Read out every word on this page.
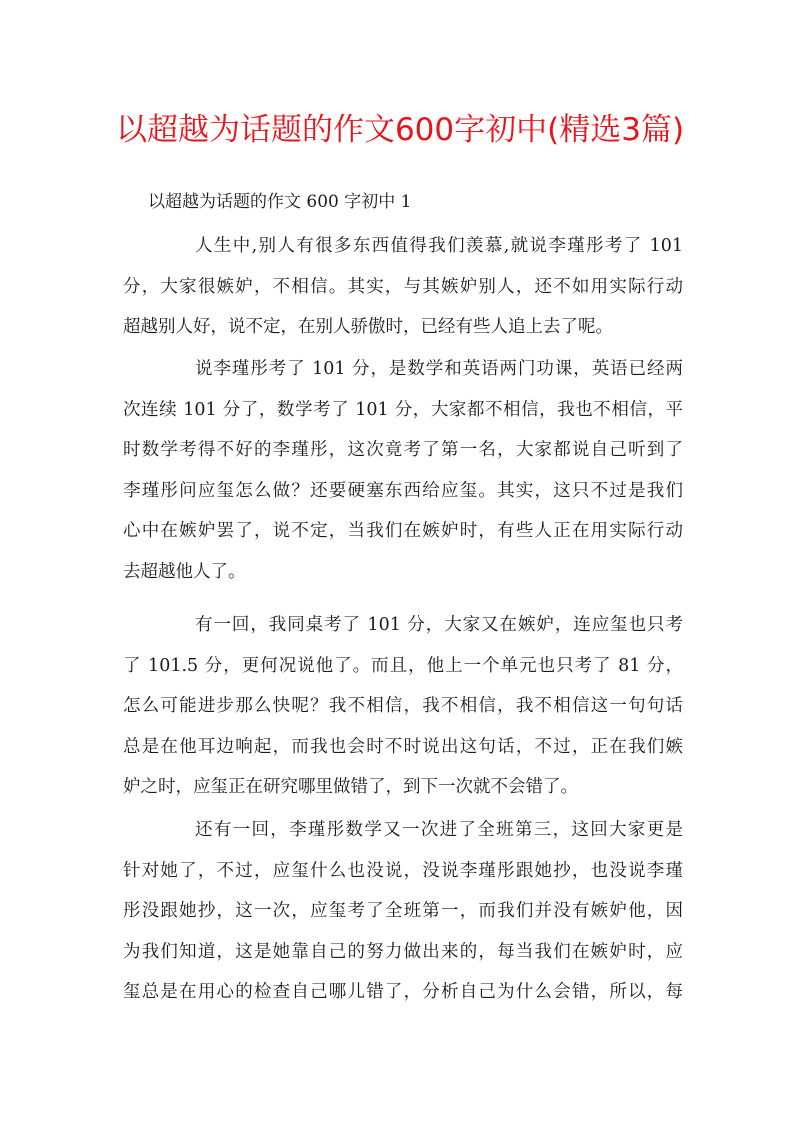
以超越为话题的作文600字初中(精选3篇)
以超越为话题的作文 600 字初中 1
人生中,别人有很多东西值得我们羡慕,就说李瑾彤考了 101
分，大家很嫉妒，不相信。其实，与其嫉妒别人，还不如用实际行动
超越别人好，说不定，在别人骄傲时，已经有些人追上去了呢。
说李瑾彤考了 101 分，是数学和英语两门功课，英语已经两
次连续 101 分了，数学考了 101 分，大家都不相信，我也不相信，平
时数学考得不好的李瑾彤，这次竟考了第一名，大家都说自己听到了
李瑾彤问应玺怎么做？还要硬塞东西给应玺。其实，这只不过是我们
心中在嫉妒罢了，说不定，当我们在嫉妒时，有些人正在用实际行动
去超越他人了。
有一回，我同桌考了 101 分，大家又在嫉妒，连应玺也只考
了 101.5 分，更何况说他了。而且，他上一个单元也只考了 81 分，
怎么可能进步那么快呢？我不相信，我不相信，我不相信这一句句话
总是在他耳边响起，而我也会时不时说出这句话，不过，正在我们嫉
妒之时，应玺正在研究哪里做错了，到下一次就不会错了。
还有一回，李瑾彤数学又一次进了全班第三，这回大家更是
针对她了，不过，应玺什么也没说，没说李瑾彤跟她抄，也没说李瑾
彤没跟她抄，这一次，应玺考了全班第一，而我们并没有嫉妒他，因
为我们知道，这是她靠自己的努力做出来的，每当我们在嫉妒时，应
玺总是在用心的检查自己哪儿错了，分析自己为什么会错，所以，每
